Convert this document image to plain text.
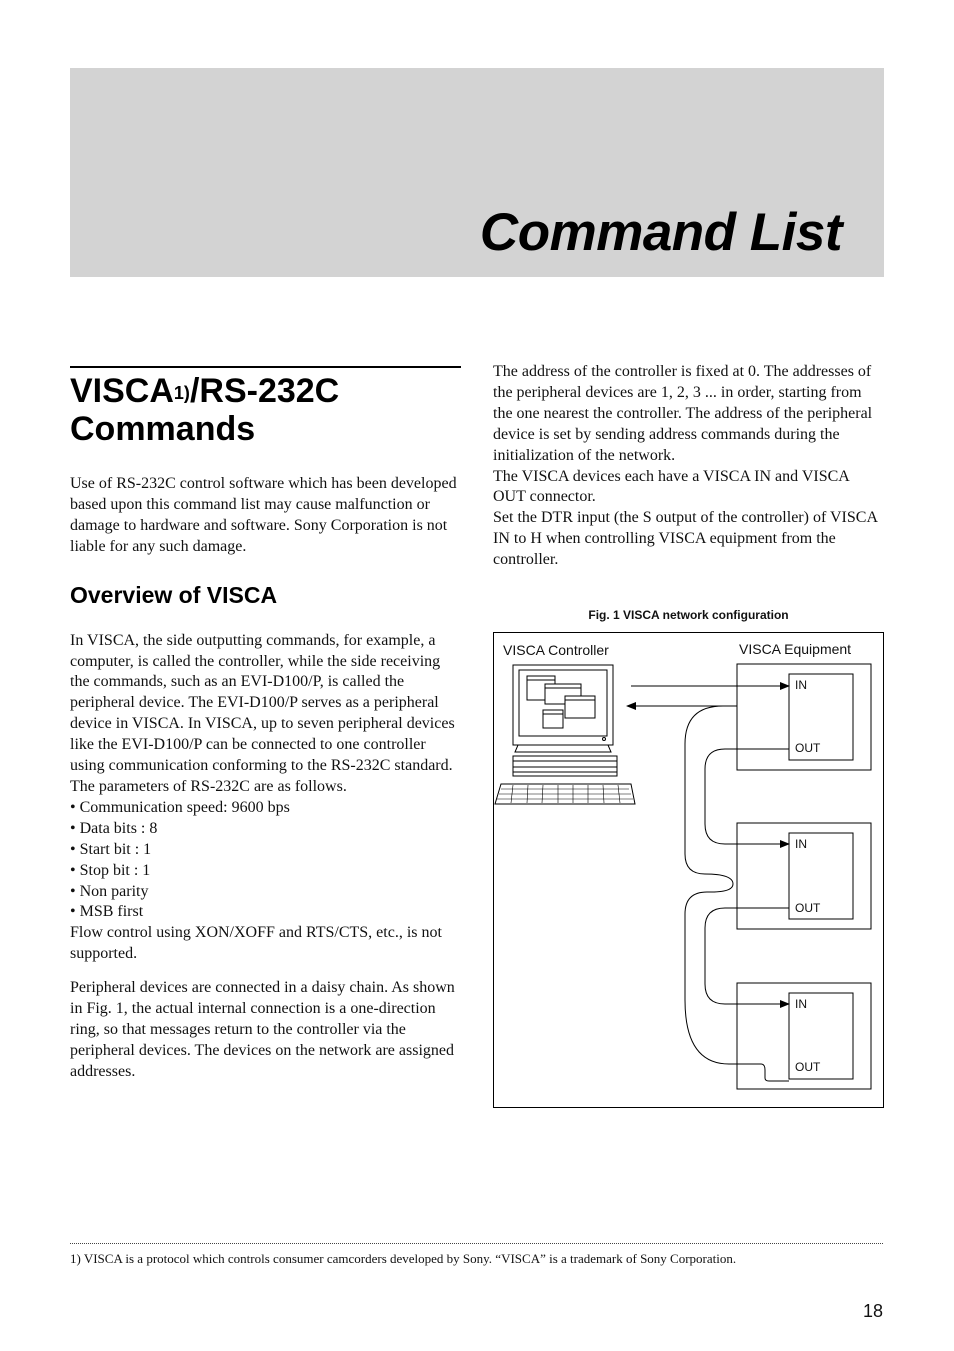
Command List
VISCA$^{1)}$/RS-232C
Commands

Use of RS-232C control software which has been developed based upon this command list may cause malfunction or damage to hardware and software. Sony Corporation is not liable for any such damage.

Overview of VISCA

In VISCA, the side outputting commands, for example, a computer, is called the controller, while the side receiving the commands, such as an EVI-D100/P, is called the peripheral device. The EVI-D100/P serves as a peripheral device in VISCA. In VISCA, up to seven peripheral devices like the EVI-D100/P can be connected to one controller using communication conforming to the RS-232C standard. The parameters of RS-232C are as follows.

• Communication speed: 9600 bps

• Data bits : 8

• Start bit : 1

• Stop bit : 1

• Non parity

• MSB first

Flow control using XON/XOFF and RTS/CTS, etc., is not supported.

Peripheral devices are connected in a daisy chain. As shown in Fig. 1, the actual internal connection is a one-direction ring, so that messages return to the controller via the peripheral devices. The devices on the network are assigned addresses.

The address of the controller is fixed at 0. The addresses of the peripheral devices are 1, 2, 3 ... in order, starting from the one nearest the controller. The address of the peripheral device is set by sending address commands during the initialization of the network.

The VISCA devices each have a VISCA IN and VISCA OUT connector.

Set the DTR input (the S output of the controller) of VISCA IN to H when controlling VISCA equipment from the controller.

Fig. 1 VISCA network configuration
VISCA Controller	VISCA Equipment
IN
OUT
IN
OUT
IN
OUT

1) VISCA is a protocol which controls consumer camcorders developed by Sony. “VISCA” is a trademark of Sony Corporation.

18
